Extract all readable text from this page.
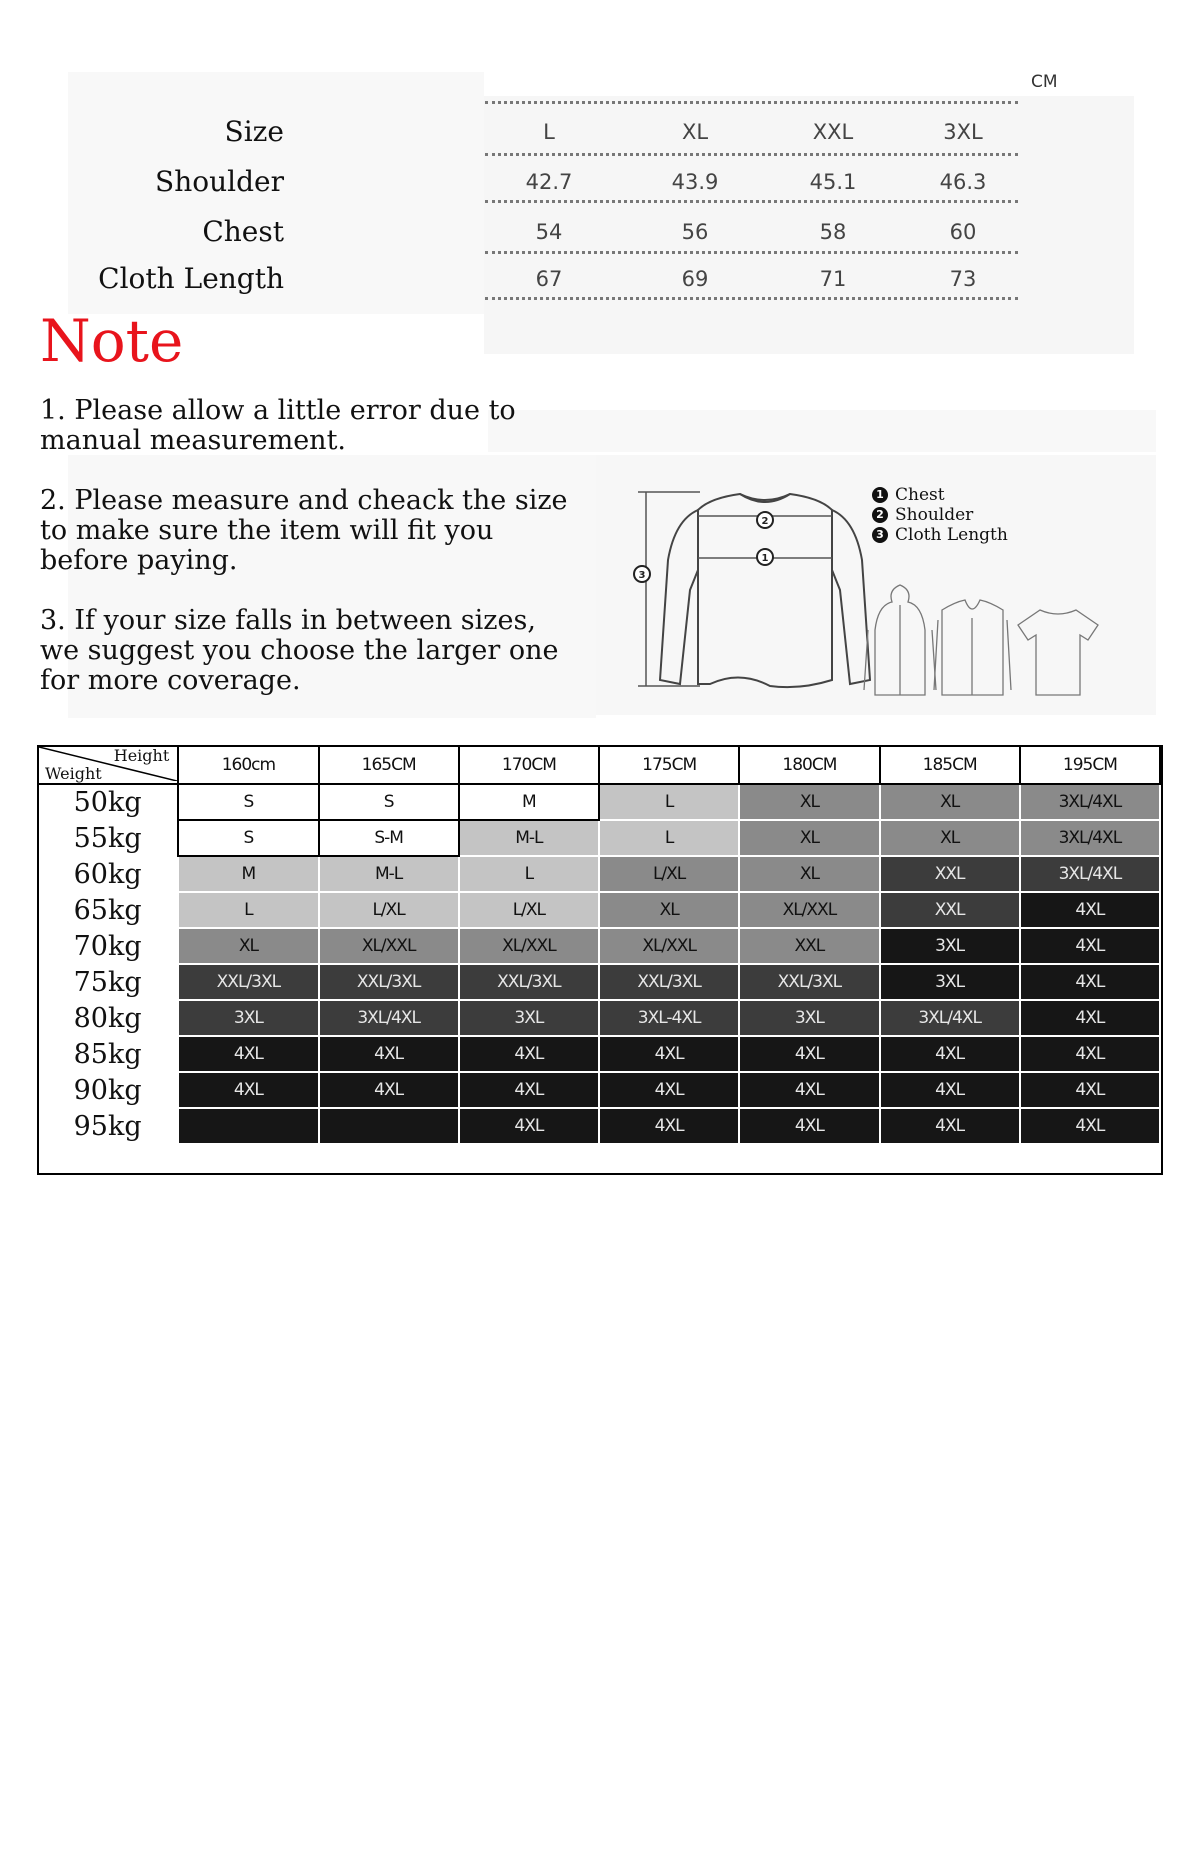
CM
Size	L	XL	XXL	3XL
Shoulder	42.7	43.9	45.1	46.3
Chest	54	56	58	60
Cloth Length	67	69	71	73
Note
1. Please allow a little error due to manual measurement.
2. Please measure and cheack the size to make sure the item will fit you before paying.
3. If your size falls in between sizes, we suggest you choose the larger one for more coverage.
2
1
3
1 Chest
2 Shoulder
3 Cloth Length
Height
Weight	160cm	165CM	170CM	175CM	180CM	185CM	195CM
50kg	S	S	M	L	XL	XL	3XL/4XL
55kg	S	S-M	M-L	L	XL	XL	3XL/4XL
60kg	M	M-L	L	L/XL	XL	XXL	3XL/4XL
65kg	L	L/XL	L/XL	XL	XL/XXL	XXL	4XL
70kg	XL	XL/XXL	XL/XXL	XL/XXL	XXL	3XL	4XL
75kg	XXL/3XL	XXL/3XL	XXL/3XL	XXL/3XL	XXL/3XL	3XL	4XL
80kg	3XL	3XL/4XL	3XL	3XL-4XL	3XL	3XL/4XL	4XL
85kg	4XL	4XL	4XL	4XL	4XL	4XL	4XL
90kg	4XL	4XL	4XL	4XL	4XL	4XL	4XL
95kg			4XL	4XL	4XL	4XL	4XL
